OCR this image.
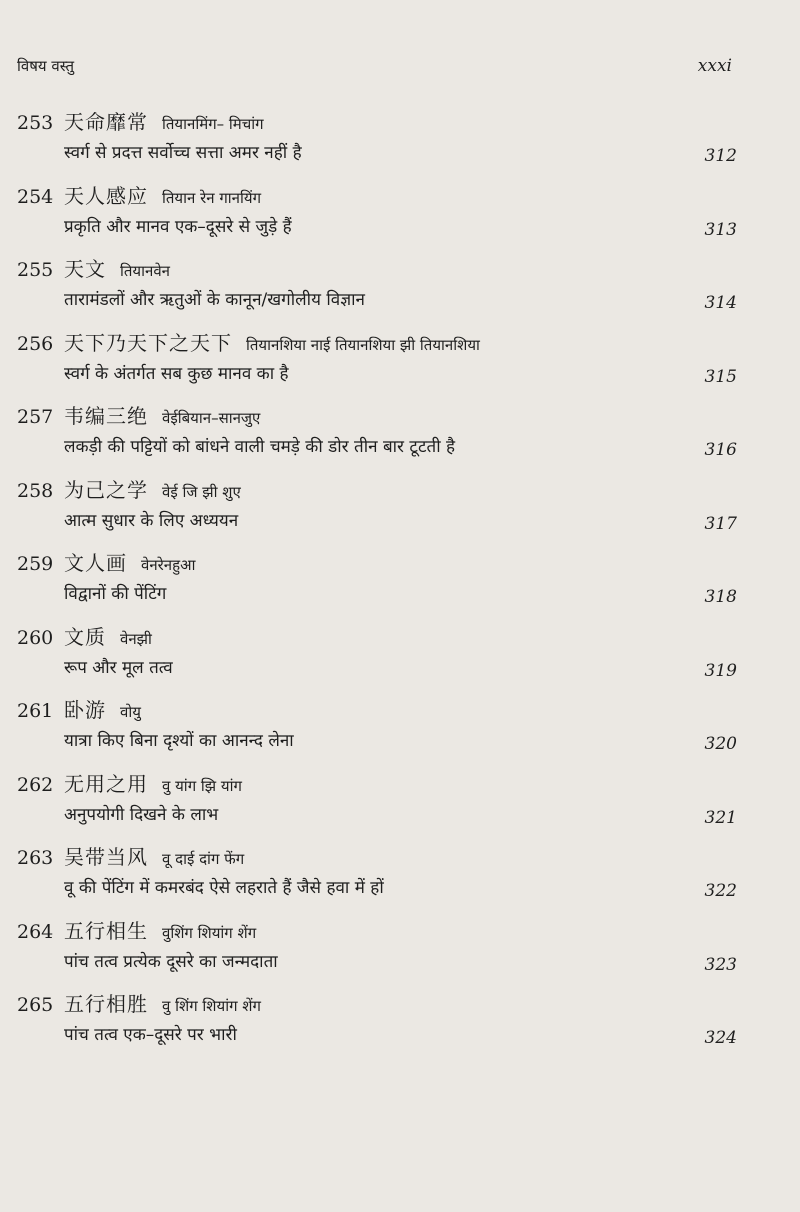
विषय वस्तु	xxxi
253 天命靡常 तियानमिंग– मिचांग
स्वर्ग से प्रदत्त सर्वोच्च सत्ता अमर नहीं है	312
254 天人感应 तियान रेन गानयिंग
प्रकृति और मानव एक–दूसरे से जुड़े हैं	313
255 天文 तियानवेन
तारामंडलों और ऋतुओं के कानून/खगोलीय विज्ञान	314
256 天下乃天下之天下 तियानशिया नाई तियानशिया झी तियानशिया
स्वर्ग के अंतर्गत सब कुछ मानव का है	315
257 韦编三绝 वेईबियान–सानजुए
लकड़ी की पट्टियों को बांधने वाली चमड़े की डोर तीन बार टूटती है	316
258 为己之学 वेई जि झी शुए
आत्म सुधार के लिए अध्ययन	317
259 文人画 वेनरेनहुआ
विद्वानों की पेंटिंग	318
260 文质 वेनझी
रूप और मूल तत्व	319
261 卧游 वोयु
यात्रा किए बिना दृश्यों का आनन्द लेना	320
262 无用之用 वु यांग झि यांग
अनुपयोगी दिखने के लाभ	321
263 吴带当风 वू दाई दांग फेंग
वू की पेंटिंग में कमरबंद ऐसे लहराते हैं जैसे हवा में हों	322
264 五行相生 वुशिंग शियांग शेंग
पांच तत्व प्रत्येक दूसरे का जन्मदाता	323
265 五行相胜 वु शिंग शियांग शेंग
पांच तत्व एक–दूसरे पर भारी	324
